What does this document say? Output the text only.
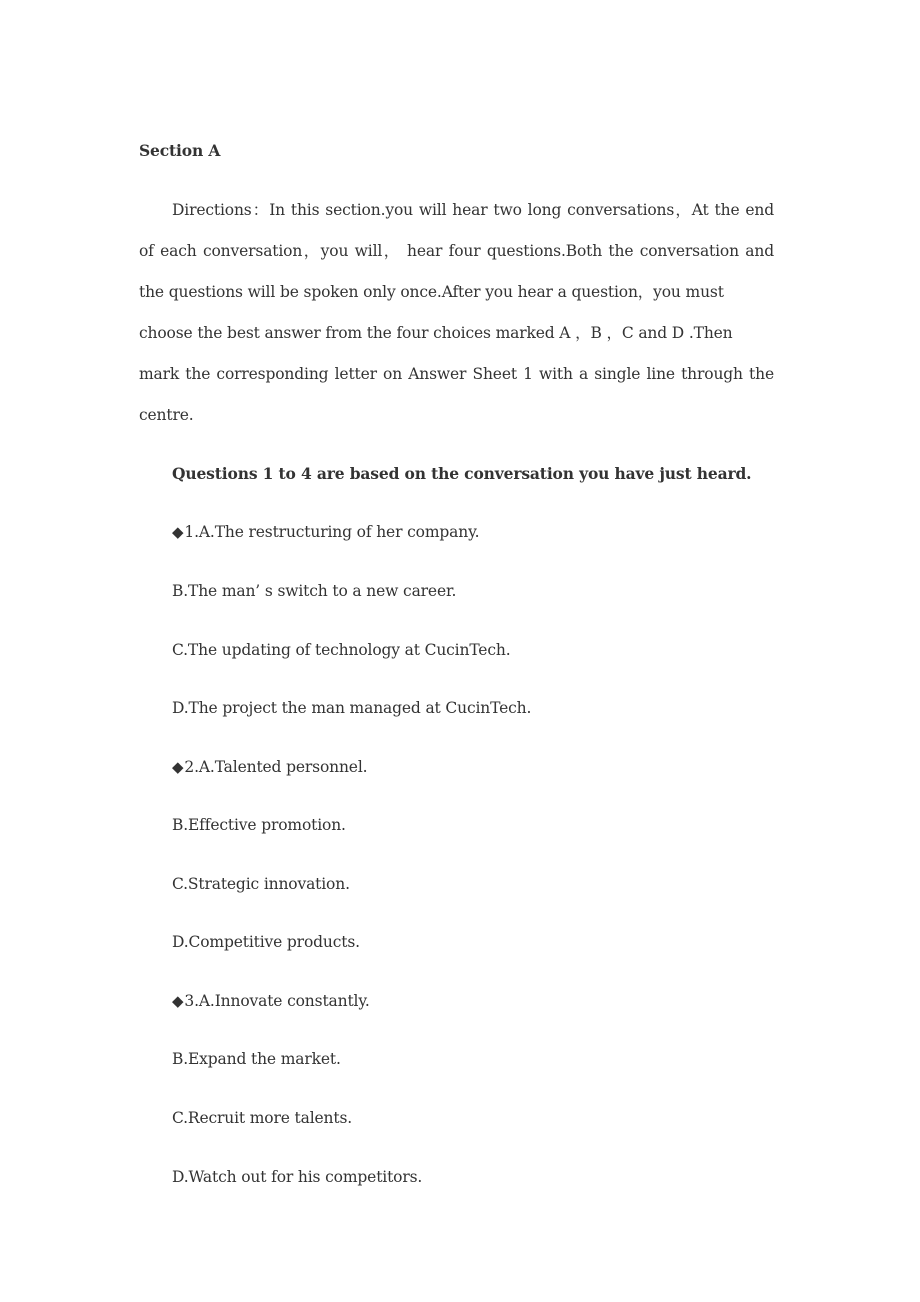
Section A
Directions：In this section.you will hear two long conversations，At the end
of each conversation，you will， hear four questions.Both the conversation and
the questions will be spoken only once.After you hear a question，you must
choose the best answer from the four choices marked A ，B ，C and D .Then
mark the corresponding letter on Answer Sheet 1 with a single line through the
centre.
Questions 1 to 4 are based on the conversation you have just heard.
◆1.A.The restructuring of her company.
B.The man’ s switch to a new career.
C.The updating of technology at CucinTech.
D.The project the man managed at CucinTech.
◆2.A.Talented personnel.
B.Effective promotion.
C.Strategic innovation.
D.Competitive products.
◆3.A.Innovate constantly.
B.Expand the market.
C.Recruit more talents.
D.Watch out for his competitors.
